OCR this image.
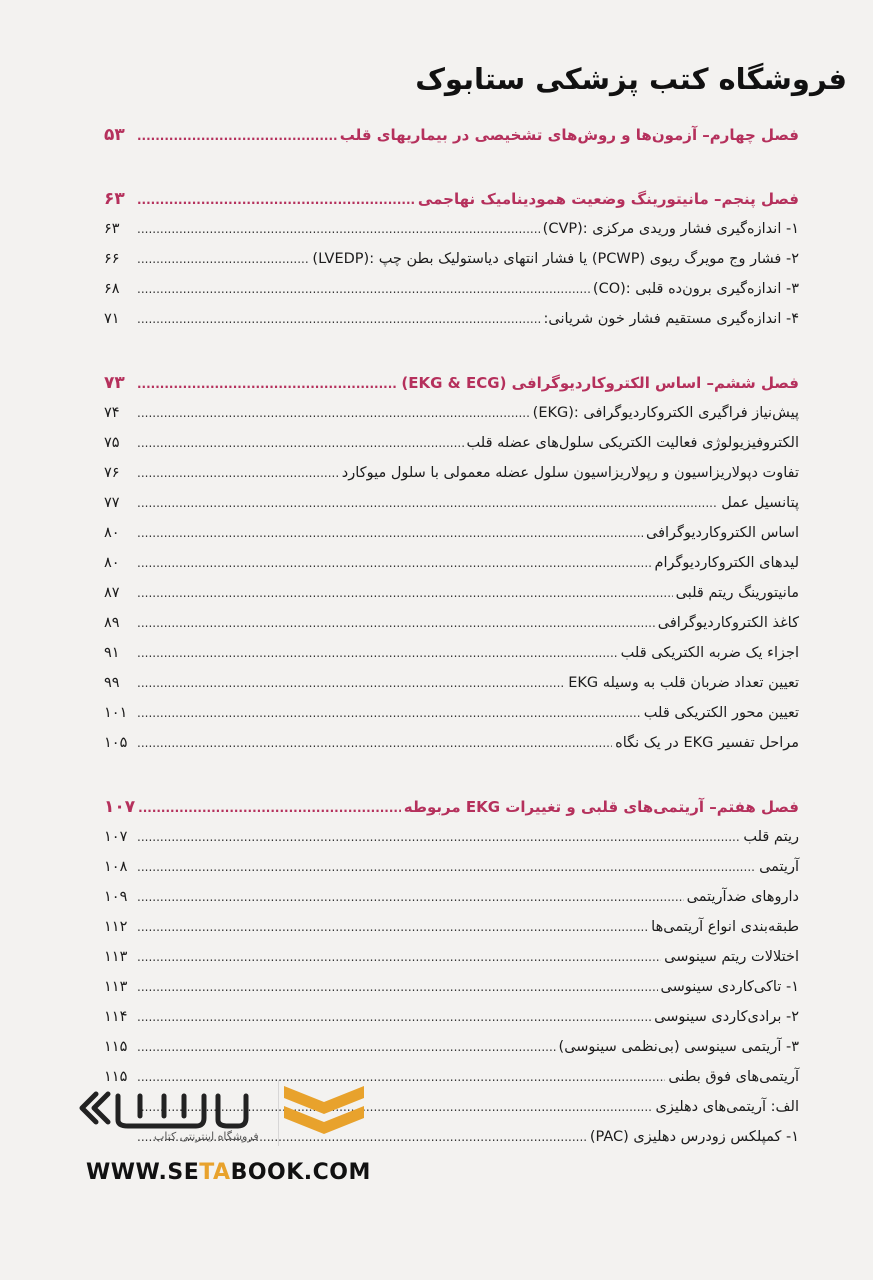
فروشگاه کتب پزشکی ستابوک
فصل چهارم– آزمون‌ها و روش‌های تشخیصی در بیماریهای قلب
.....
۵۳
فصل پنجم– مانیتورینگ وضعیت همودینامیک نهاجمی
.....
۶۳
۱- اندازه‌گیری فشار وریدی مرکزی :(CVP)
.....
۶۳
۲- فشار وج مویرگ ریوی (PCWP) یا فشار انتهای دیاستولیک بطن چپ :(LVEDP)
.....
۶۶
۳- اندازه‌گیری برون‌ده قلبی :(CO)
.....
۶۸
۴- اندازه‌گیری مستقیم فشار خون شریانی:
.....
۷۱
فصل ششم– اساس الکتروکاردیوگرافی (EKG & ECG)
.....
۷۳
پیش‌نیاز فراگیری الکتروکاردیوگرافی :(EKG)
.....
۷۴
الکتروفیزیولوژی فعالیت الکتریکی سلول‌های عضله قلب
.....
۷۵
تفاوت دپولاریزاسیون و رپولاریزاسیون سلول عضله معمولی با سلول میوکارد
.....
۷۶
پتانسیل عمل
.....
۷۷
اساس الکتروکاردیوگرافی
.....
۸۰
لیدهای الکتروکاردیوگرام
.....
۸۰
مانیتورینگ ریتم قلبی
.....
۸۷
کاغذ الکتروکاردیوگرافی
.....
۸۹
اجزاء یک ضربه الکتریکی قلب
.....
۹۱
تعیین تعداد ضربان قلب به وسیله EKG
.....
۹۹
تعیین محور الکتریکی قلب
.....
۱۰۱
مراحل تفسیر EKG در یک نگاه
.....
۱۰۵
فصل هفتم– آریتمی‌های قلبی و تغییرات EKG مربوطه
.....
۱۰۷
ریتم قلب
.....
۱۰۷
آریتمی
.....
۱۰۸
داروهای ضدآریتمی
.....
۱۰۹
طبقه‌بندی انواع آریتمی‌ها
.....
۱۱۲
اختلالات ریتم سینوسی
.....
۱۱۳
۱- تاکی‌کاردی سینوسی
.....
۱۱۳
۲- برادی‌کاردی سینوسی
.....
۱۱۴
۳- آریتمی سینوسی (بی‌نظمی سینوسی)
.....
۱۱۵
آریتمی‌های فوق بطنی
.....
۱۱۵
الف: آریتمی‌های دهلیزی
.....
۱- کمپلکس زودرس دهلیزی (PAC)
.....
فروشگاه اینترنتی کتاب
WWW.SETABOOK.COM
